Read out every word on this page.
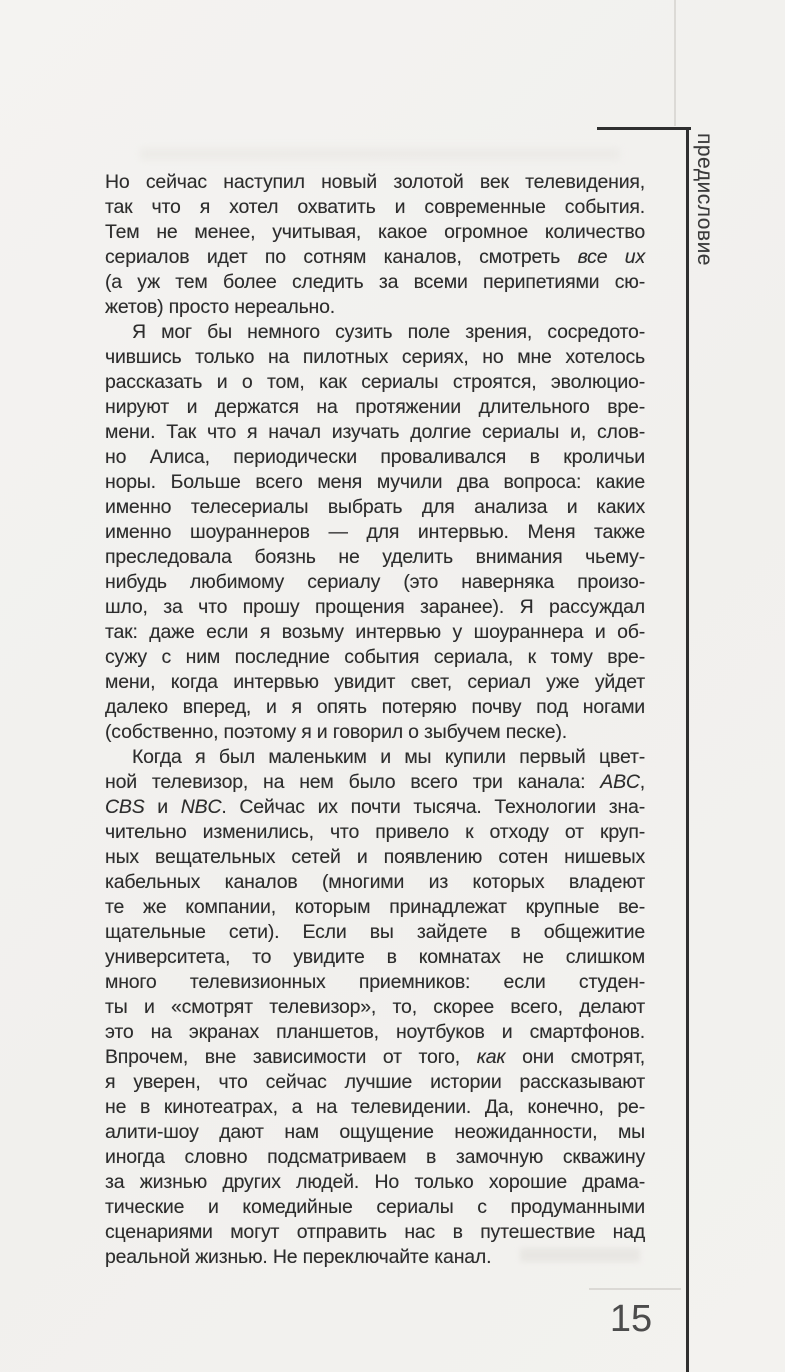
предисловие
Но сейчас наступил новый золотой век телевидения,
так что я хотел охватить и современные события.
Тем не менее, учитывая, какое огромное количество
сериалов идет по сотням каналов, смотреть все их
(а уж тем более следить за всеми перипетиями сю-
жетов) просто нереально.
Я мог бы немного сузить поле зрения, сосредото-
чившись только на пилотных сериях, но мне хотелось
рассказать и о том, как сериалы строятся, эволюцио-
нируют и держатся на протяжении длительного вре-
мени. Так что я начал изучать долгие сериалы и, слов-
но Алиса, периодически проваливался в кроличьи
норы. Больше всего меня мучили два вопроса: какие
именно телесериалы выбрать для анализа и каких
именно шоураннеров — для интервью. Меня также
преследовала боязнь не уделить внимания чьему-
нибудь любимому сериалу (это наверняка произо-
шло, за что прошу прощения заранее). Я рассуждал
так: даже если я возьму интервью у шоураннера и об-
сужу с ним последние события сериала, к тому вре-
мени, когда интервью увидит свет, сериал уже уйдет
далеко вперед, и я опять потеряю почву под ногами
(собственно, поэтому я и говорил о зыбучем песке).
Когда я был маленьким и мы купили первый цвет-
ной телевизор, на нем было всего три канала: ABC,
CBS и NBC. Сейчас их почти тысяча. Технологии зна-
чительно изменились, что привело к отходу от круп-
ных вещательных сетей и появлению сотен нишевых
кабельных каналов (многими из которых владеют
те же компании, которым принадлежат крупные ве-
щательные сети). Если вы зайдете в общежитие
университета, то увидите в комнатах не слишком
много телевизионных приемников: если студен-
ты и «смотрят телевизор», то, скорее всего, делают
это на экранах планшетов, ноутбуков и смартфонов.
Впрочем, вне зависимости от того, как они смотрят,
я уверен, что сейчас лучшие истории рассказывают
не в кинотеатрах, а на телевидении. Да, конечно, ре-
алити-шоу дают нам ощущение неожиданности, мы
иногда словно подсматриваем в замочную скважину
за жизнью других людей. Но только хорошие драма-
тические и комедийные сериалы с продуманными
сценариями могут отправить нас в путешествие над
реальной жизнью. Не переключайте канал.
15
